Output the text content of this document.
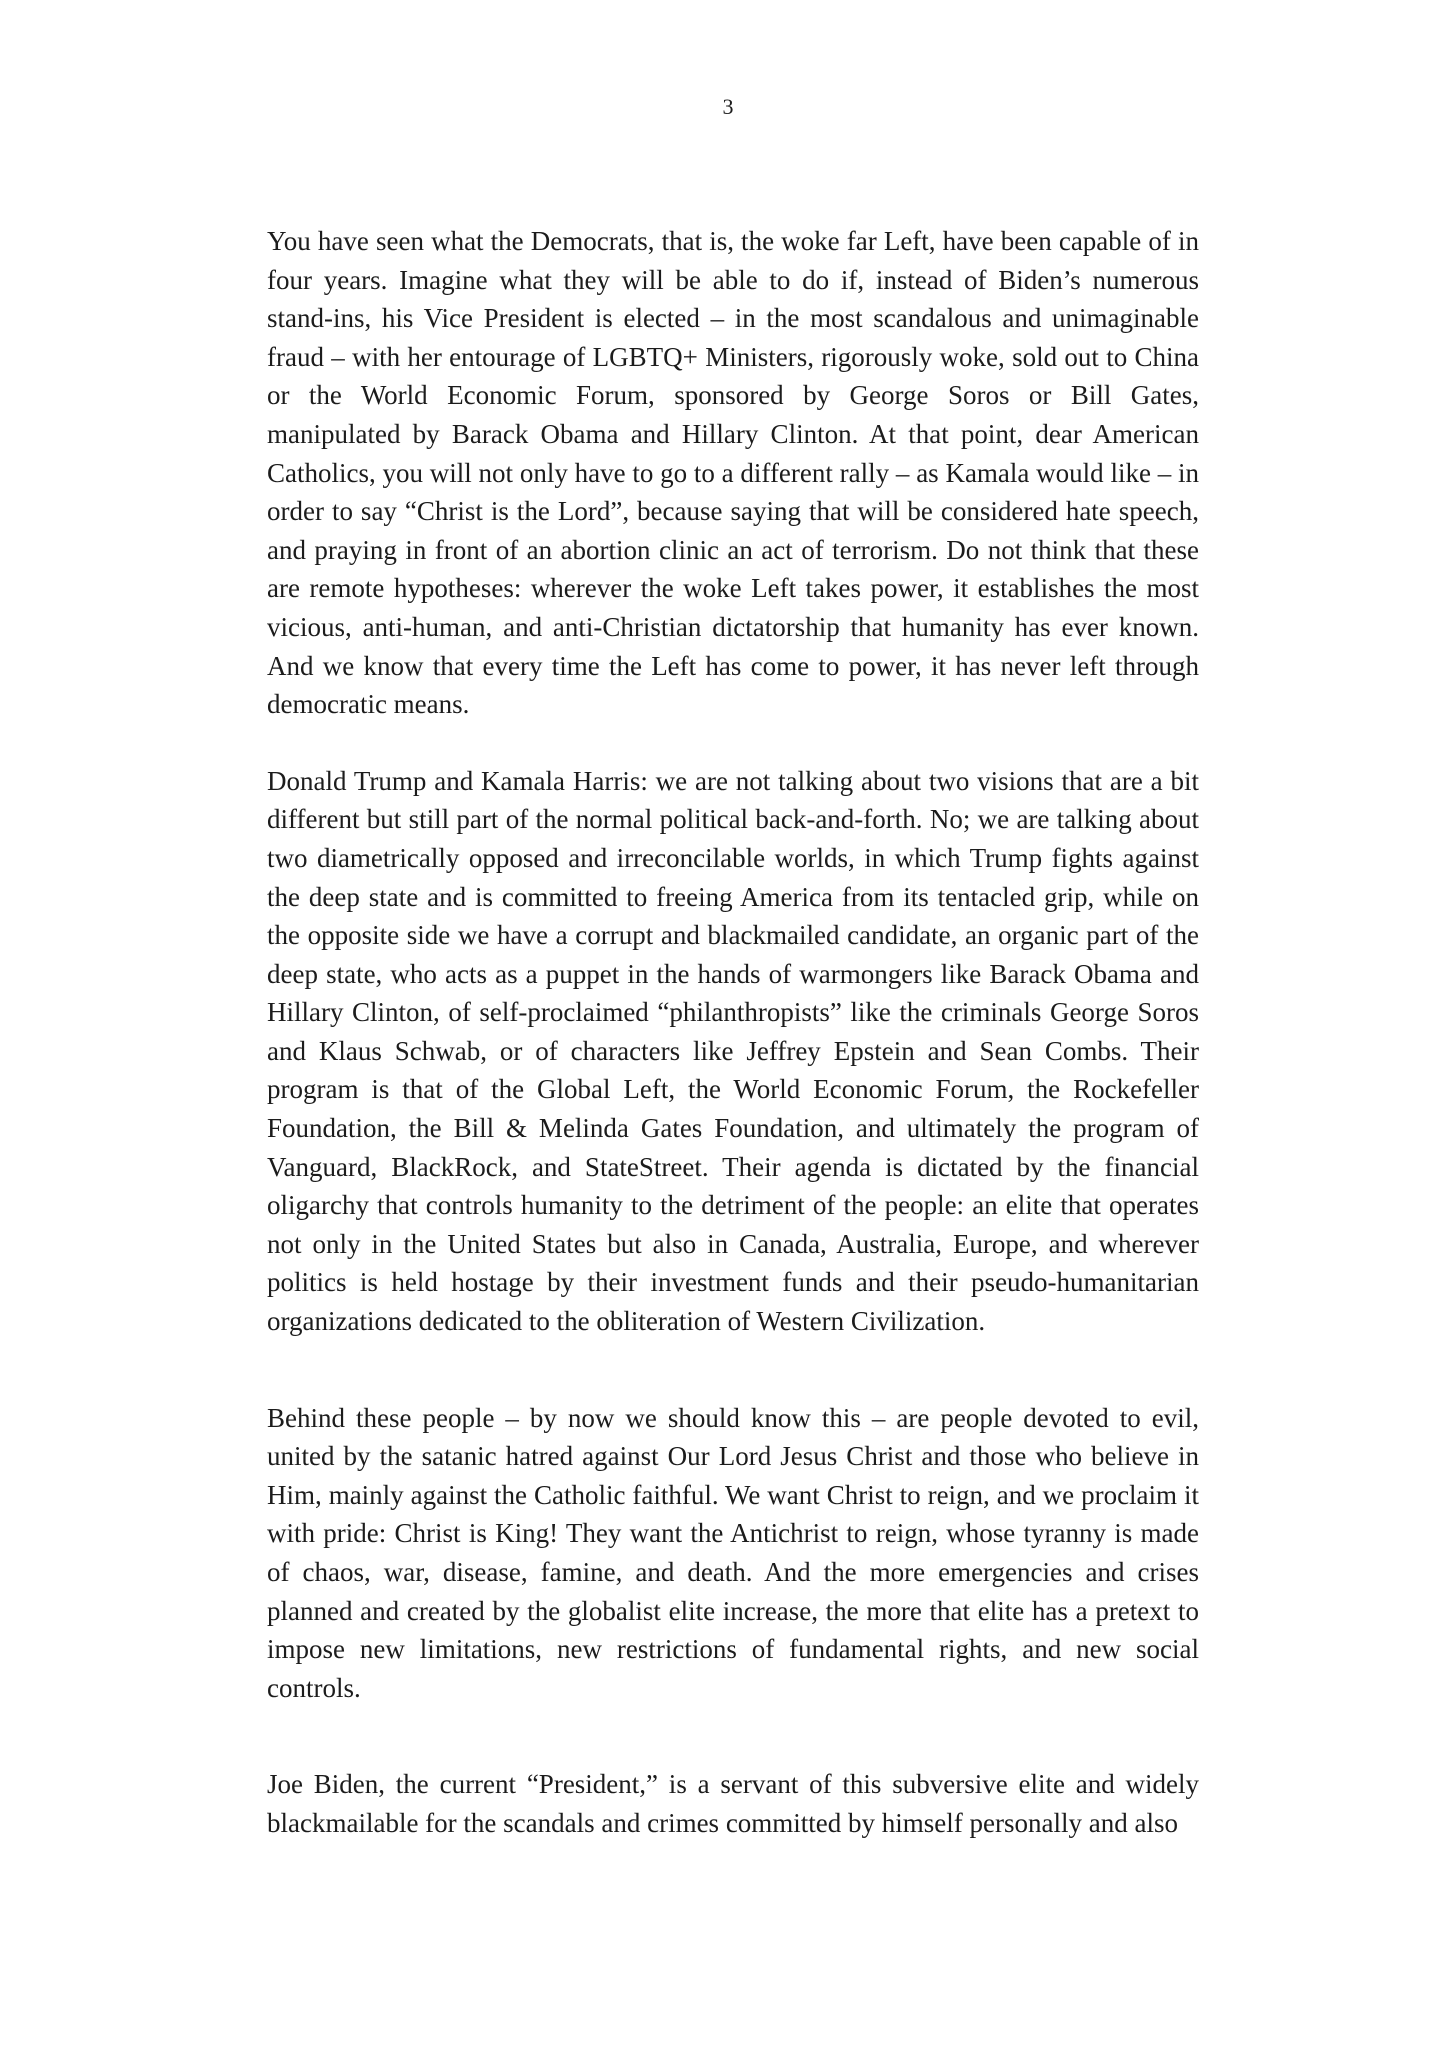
3

You have seen what the Democrats, that is, the woke far Left, have been capable of in four years. Imagine what they will be able to do if, instead of Biden’s numerous stand-ins, his Vice President is elected – in the most scandalous and unimaginable fraud – with her entourage of LGBTQ+ Ministers, rigorously woke, sold out to China or the World Economic Forum, sponsored by George Soros or Bill Gates, manipulated by Barack Obama and Hillary Clinton. At that point, dear American Catholics, you will not only have to go to a different rally – as Kamala would like – in order to say “Christ is the Lord”, because saying that will be considered hate speech, and praying in front of an abortion clinic an act of terrorism. Do not think that these are remote hypotheses: wherever the woke Left takes power, it establishes the most vicious, anti-human, and anti-Christian dictatorship that humanity has ever known. And we know that every time the Left has come to power, it has never left through democratic means.

Donald Trump and Kamala Harris: we are not talking about two visions that are a bit different but still part of the normal political back-and-forth. No; we are talking about two diametrically opposed and irreconcilable worlds, in which Trump fights against the deep state and is committed to freeing America from its tentacled grip, while on the opposite side we have a corrupt and blackmailed candidate, an organic part of the deep state, who acts as a puppet in the hands of warmongers like Barack Obama and Hillary Clinton, of self-proclaimed “philanthropists” like the criminals George Soros and Klaus Schwab, or of characters like Jeffrey Epstein and Sean Combs. Their program is that of the Global Left, the World Economic Forum, the Rockefeller Foundation, the Bill & Melinda Gates Foundation, and ultimately the program of Vanguard, BlackRock, and StateStreet. Their agenda is dictated by the financial oligarchy that controls humanity to the detriment of the people: an elite that operates not only in the United States but also in Canada, Australia, Europe, and wherever politics is held hostage by their investment funds and their pseudo-humanitarian organizations dedicated to the obliteration of Western Civilization.

Behind these people – by now we should know this – are people devoted to evil, united by the satanic hatred against Our Lord Jesus Christ and those who believe in Him, mainly against the Catholic faithful. We want Christ to reign, and we proclaim it with pride: Christ is King! They want the Antichrist to reign, whose tyranny is made of chaos, war, disease, famine, and death. And the more emergencies and crises planned and created by the globalist elite increase, the more that elite has a pretext to impose new limitations, new restrictions of fundamental rights, and new social controls.

Joe Biden, the current “President,” is a servant of this subversive elite and widely blackmailable for the scandals and crimes committed by himself personally and also
